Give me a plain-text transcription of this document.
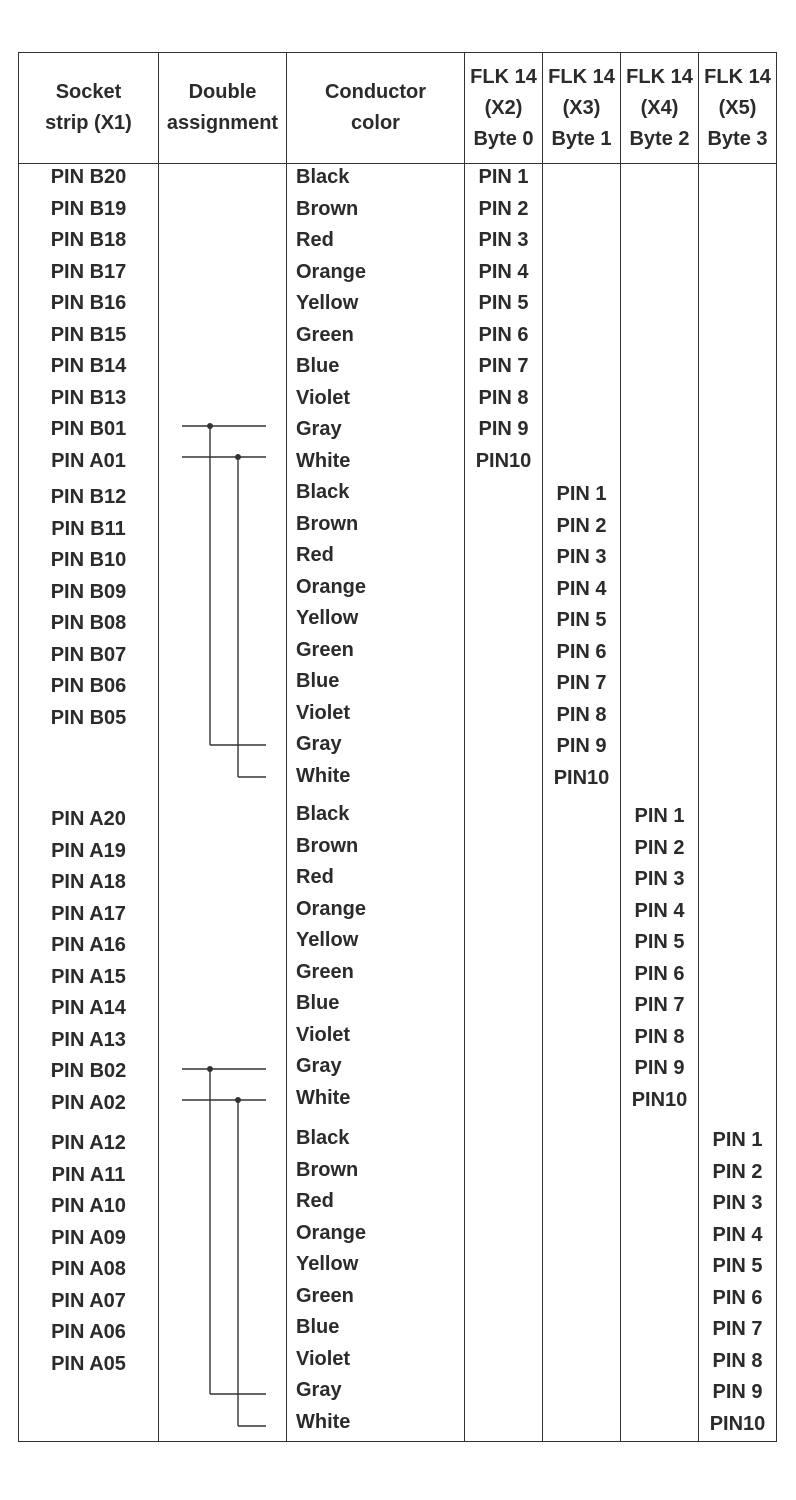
Socket
strip (X1)
Double
assignment
Conductor
color
FLK 14
(X2)
Byte 0
FLK 14
(X3)
Byte 1
FLK 14
(X4)
Byte 2
FLK 14
(X5)
Byte 3
PIN B20
PIN B19
PIN B18
PIN B17
PIN B16
PIN B15
PIN B14
PIN B13
PIN B01
PIN A01
Black
Brown
Red
Orange
Yellow
Green
Blue
Violet
Gray
White
PIN 1
PIN 2
PIN 3
PIN 4
PIN 5
PIN 6
PIN 7
PIN 8
PIN 9
PIN10
PIN B12
PIN B11
PIN B10
PIN B09
PIN B08
PIN B07
PIN B06
PIN B05
Black
Brown
Red
Orange
Yellow
Green
Blue
Violet
Gray
White
PIN 1
PIN 2
PIN 3
PIN 4
PIN 5
PIN 6
PIN 7
PIN 8
PIN 9
PIN10
PIN A20
PIN A19
PIN A18
PIN A17
PIN A16
PIN A15
PIN A14
PIN A13
PIN B02
PIN A02
Black
Brown
Red
Orange
Yellow
Green
Blue
Violet
Gray
White
PIN 1
PIN 2
PIN 3
PIN 4
PIN 5
PIN 6
PIN 7
PIN 8
PIN 9
PIN10
PIN A12
PIN A11
PIN A10
PIN A09
PIN A08
PIN A07
PIN A06
PIN A05
Black
Brown
Red
Orange
Yellow
Green
Blue
Violet
Gray
White
PIN 1
PIN 2
PIN 3
PIN 4
PIN 5
PIN 6
PIN 7
PIN 8
PIN 9
PIN10
